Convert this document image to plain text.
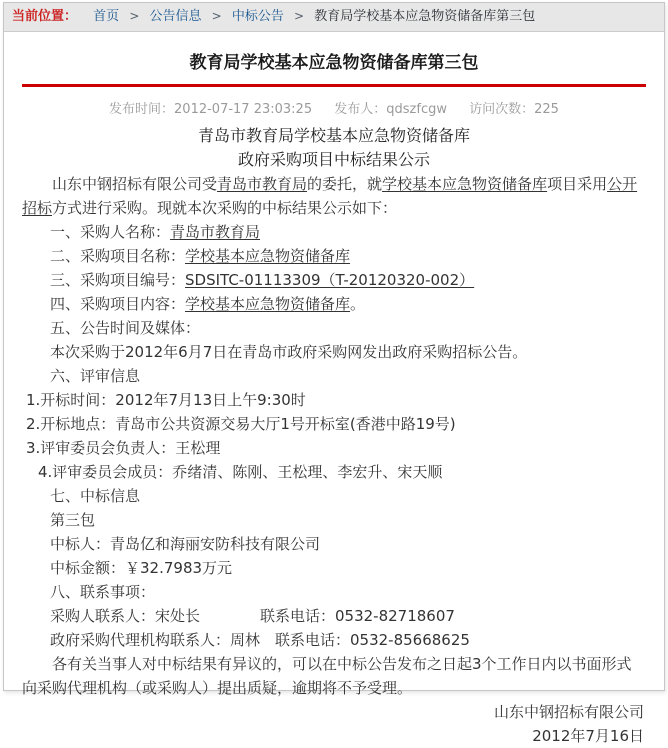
当前位置： 首页 > 公告信息 > 中标公告 > 教育局学校基本应急物资储备库第三包
教育局学校基本应急物资储备库第三包
发布时间：2012-07-17 23:03:25 发布人：qdszfcgw 访问次数：225
青岛市教育局学校基本应急物资储备库
政府采购项目中标结果公示
山东中钢招标有限公司受青岛市教育局的委托，就学校基本应急物资储备库项目采用公开招标方式进行采购。现就本次采购的中标结果公示如下：
一、采购人名称：青岛市教育局
二、采购项目名称：学校基本应急物资储备库
三、采购项目编号：SDSITC-01113309（T-20120320-002）
四、采购项目内容：学校基本应急物资储备库。
五、公告时间及媒体：
本次采购于2012年6月7日在青岛市政府采购网发出政府采购招标公告。
六、评审信息
1.开标时间：2012年7月13日上午9:30时
2.开标地点：青岛市公共资源交易大厅1号开标室(香港中路19号)
3.评审委员会负责人：王松理
4.评审委员会成员：乔绪清、陈刚、王松理、李宏升、宋天顺
七、中标信息
第三包
中标人：青岛亿和海丽安防科技有限公司
中标金额：￥32.7983万元
八、联系事项：
采购人联系人：宋处长　　　　联系电话：0532-82718607
政府采购代理机构联系人：周林　联系电话：0532-85668625
各有关当事人对中标结果有异议的，可以在中标公告发布之日起3个工作日内以书面形式向采购代理机构（或采购人）提出质疑，逾期将不予受理。
山东中钢招标有限公司
2012年7月16日
